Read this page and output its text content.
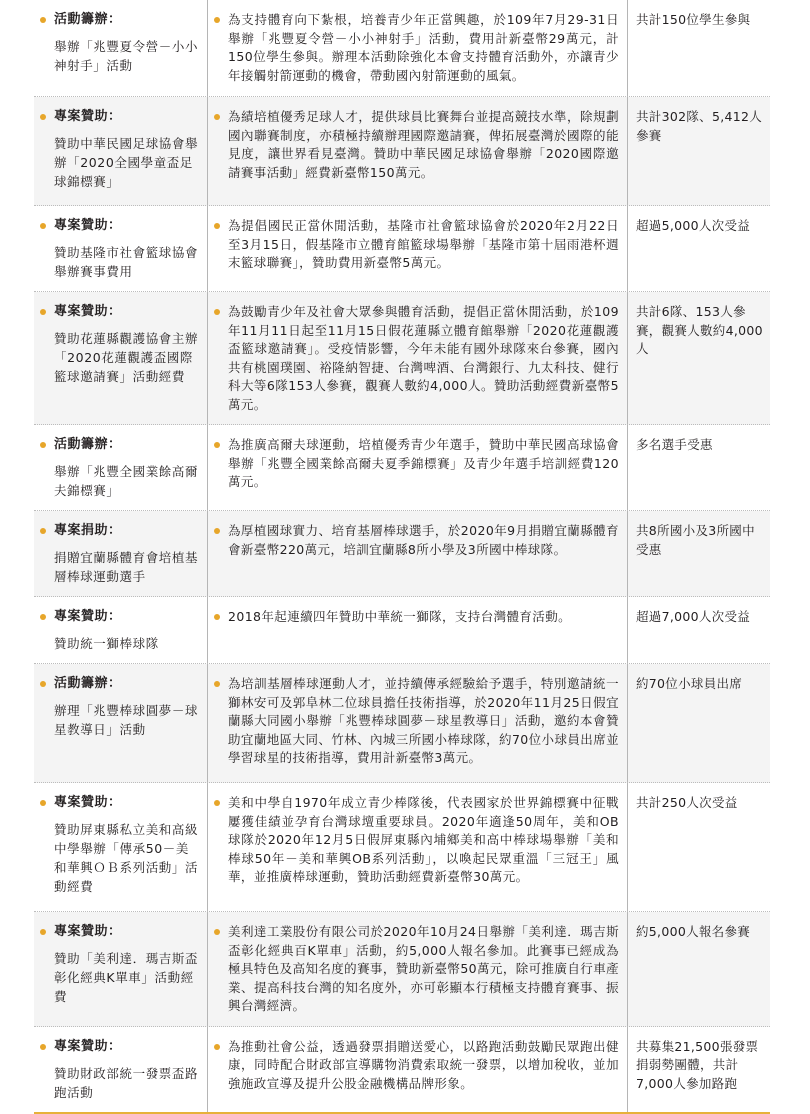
活動籌辦：
舉辦「兆豐夏令營－小小神射手」活動
為支持體育向下紮根，培養青少年正當興趣，於109年7月29-31日舉辦「兆豐夏令營－小小神射手」活動，費用計新臺幣29萬元，計150位學生參與。辦理本活動除強化本會支持體育活動外，亦讓青少年接觸射箭運動的機會，帶動國內射箭運動的風氣。
共計150位學生參與
專案贊助：
贊助中華民國足球協會舉辦「2020全國學童盃足球錦標賽」
為績培植優秀足球人才，提供球員比賽舞台並提高競技水準，除規劃國內聯賽制度，亦積極持續辦理國際邀請賽，俾拓展臺灣於國際的能見度，讓世界看見臺灣。贊助中華民國足球協會舉辦「2020國際邀請賽事活動」經費新臺幣150萬元。
共計302隊、5,412人參賽
專案贊助：
贊助基隆市社會籃球協會舉辦賽事費用
為提倡國民正當休閒活動，基隆市社會籃球協會於2020年2月22日至3月15日，假基隆市立體育館籃球場舉辦「基隆市第十屆雨港杯週末籃球聯賽」，贊助費用新臺幣5萬元。
超過5,000人次受益
專案贊助：
贊助花蓮縣觀護協會主辦「2020花蓮觀護盃國際籃球邀請賽」活動經費
為鼓勵青少年及社會大眾參與體育活動，提倡正當休閒活動，於109年11月11日起至11月15日假花蓮縣立體育館舉辦「2020花蓮觀護盃籃球邀請賽」。受疫情影響，今年未能有國外球隊來台參賽，國內共有桃園璞園、裕隆納智捷、台灣啤酒、台灣銀行、九太科技、健行科大等6隊153人參賽，觀賽人數約4,000人。贊助活動經費新臺幣5萬元。
共計6隊、153人參賽，觀賽人數約4,000人
活動籌辦：
舉辦「兆豐全國業餘高爾夫錦標賽」
為推廣高爾夫球運動，培植優秀青少年選手，贊助中華民國高球協會舉辦「兆豐全國業餘高爾夫夏季錦標賽」及青少年選手培訓經費120萬元。
多名選手受惠
專案捐助：
捐贈宜蘭縣體育會培植基層棒球運動選手
為厚植國球實力、培育基層棒球選手，於2020年9月捐贈宜蘭縣體育會新臺幣220萬元，培訓宜蘭縣8所小學及3所國中棒球隊。
共8所國小及3所國中受惠
專案贊助：
贊助統一獅棒球隊
2018年起連續四年贊助中華統一獅隊，支持台灣體育活動。	超過7,000人次受益
活動籌辦：
辦理「兆豐棒球圓夢－球星教導日」活動
為培訓基層棒球運動人才，並持續傳承經驗給予選手，特別邀請統一獅林安可及郭阜林二位球員擔任技術指導，於2020年11月25日假宜蘭縣大同國小舉辦「兆豐棒球圓夢－球星教導日」活動，邀約本會贊助宜蘭地區大同、竹林、內城三所國小棒球隊，約70位小球員出席並學習球星的技術指導，費用計新臺幣3萬元。
約70位小球員出席
專案贊助：
贊助屏東縣私立美和高級中學舉辦「傳承50－美和華興ＯＢ系列活動」活動經費
美和中學自1970年成立青少棒隊後，代表國家於世界錦標賽中征戰屢獲佳績並孕育台灣球壇重要球員。2020年適逢50周年，美和OB球隊於2020年12月5日假屏東縣內埔鄉美和高中棒球場舉辦「美和棒球50年－美和華興OB系列活動」，以喚起民眾重溫「三冠王」風華，並推廣棒球運動，贊助活動經費新臺幣30萬元。
共計250人次受益
專案贊助：
贊助「美利達．瑪吉斯盃彰化經典K單車」活動經費
美利達工業股份有限公司於2020年10月24日舉辦「美利達．瑪吉斯盃彰化經典百K單車」活動，約5,000人報名參加。此賽事已經成為極具特色及高知名度的賽事，贊助新臺幣50萬元，除可推廣自行車產業、提高科技台灣的知名度外，亦可彰顯本行積極支持體育賽事、振興台灣經濟。
約5,000人報名參賽
專案贊助：
贊助財政部統一發票盃路跑活動
為推動社會公益，透過發票捐贈送愛心，以路跑活動鼓勵民眾跑出健康，同時配合財政部宣導購物消費索取統一發票，以增加稅收，並加強施政宣導及提升公股金融機構品牌形象。
共募集21,500張發票捐弱勢團體，共計7,000人參加路跑
